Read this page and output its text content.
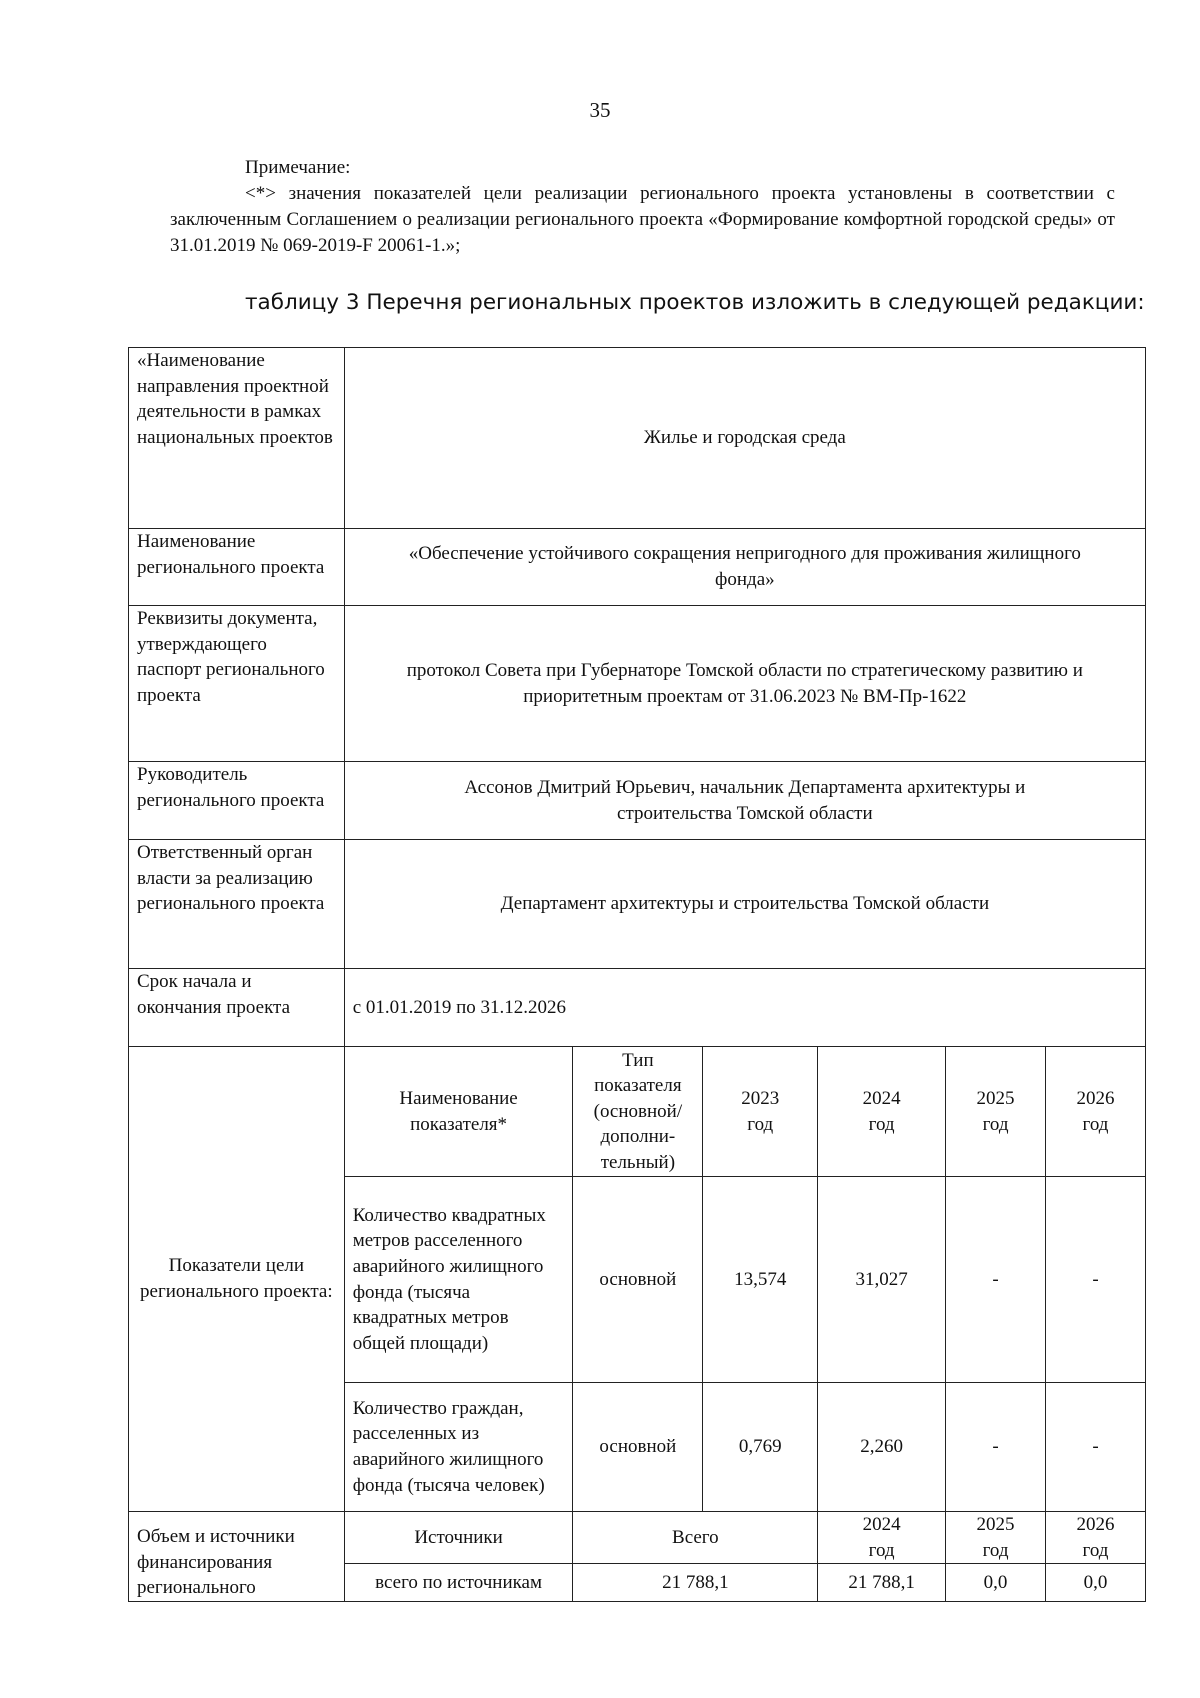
35
Примечание:
<*> значения показателей цели реализации регионального проекта установлены в соответствии с заключенным Соглашением о реализации регионального проекта «Формирование комфортной городской среды» от 31.01.2019 № 069-2019-F 20061-1.»;
таблицу 3 Перечня региональных проектов изложить в следующей редакции:
«Наименование направления проектной деятельности в рамках национальных проектов	Жилье и городская среда					
Наименование регионального проекта	«Обеспечение устойчивого сокращения непригодного для проживания жилищного фонда»					
Реквизиты документа, утверждающего паспорт регионального проекта	протокол Совета при Губернаторе Томской области по стратегическому развитию и приоритетным проектам от 31.06.2023 № ВМ-Пр-1622					
Руководитель регионального проекта	Ассонов Дмитрий Юрьевич, начальник Департамента архитектуры и строительства Томской области					
Ответственный орган власти за реализацию регионального проекта	Департамент архитектуры и строительства Томской области					
Срок начала и окончания проекта	с 01.01.2019 по 31.12.2026					
Показатели цели регионального проекта:	Наименование показателя*	Тип показателя (основной/ дополни-тельный)	2023 год	2024 год	2025 год	2026 год
	Количество квадратных метров расселенного аварийного жилищного фонда (тысяча квадратных метров общей площади)	основной	13,574	31,027	-	-
	Количество граждан, расселенных из аварийного жилищного фонда (тысяча человек)	основной	0,769	2,260	-	-
Объем и источники финансирования регионального	Источники	Всего		2024 год	2025 год	2026 год
	всего по источникам	21 788,1		21 788,1	0,0	0,0
